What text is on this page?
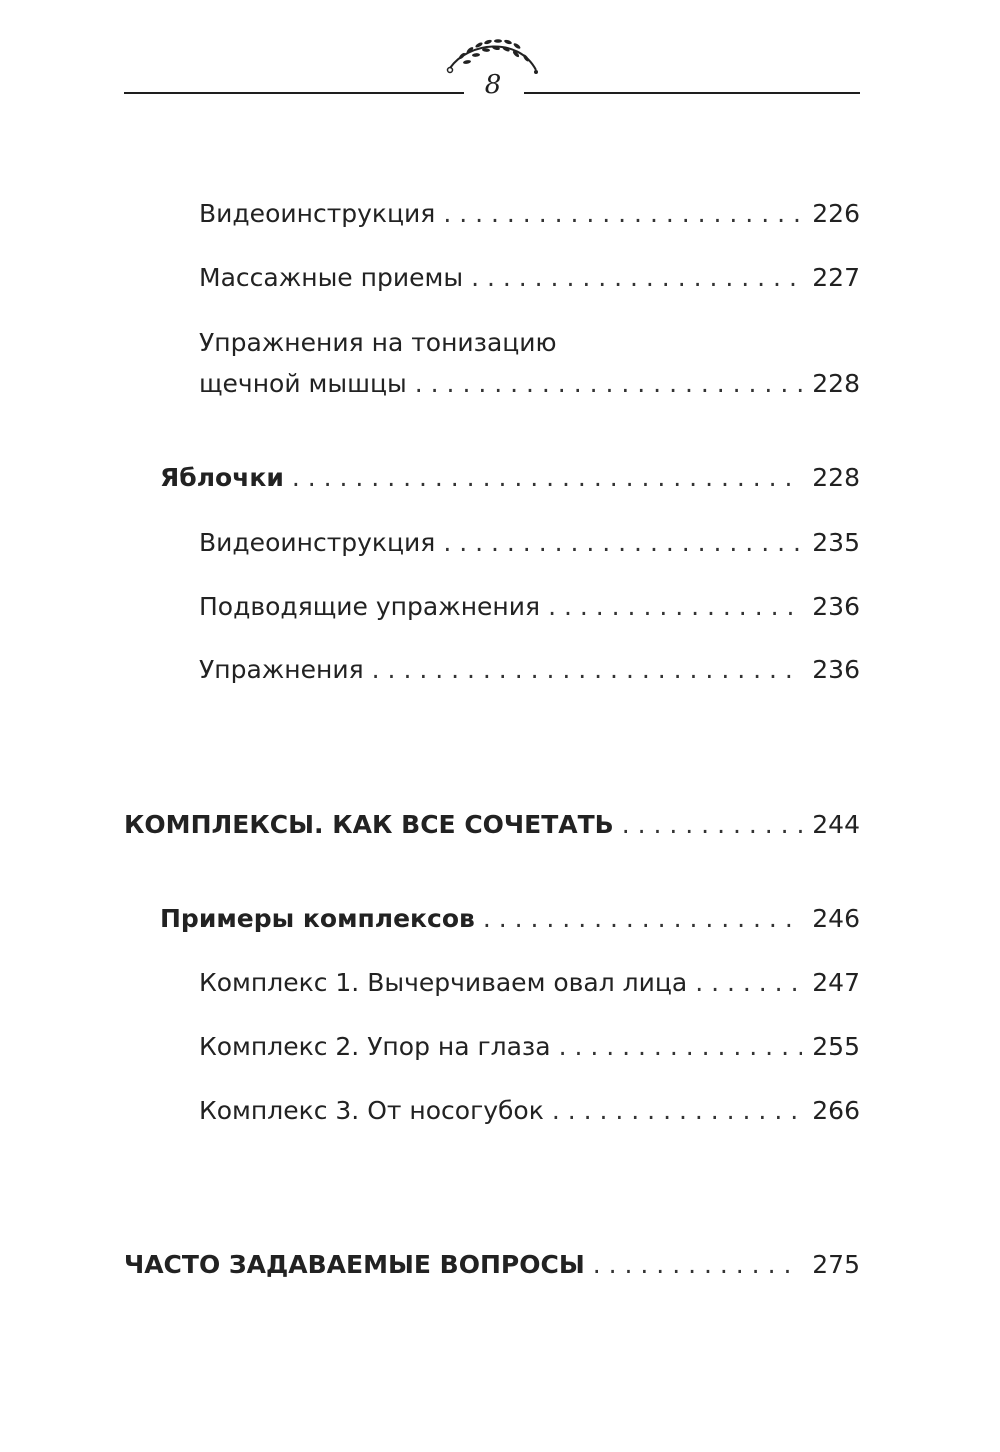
8
Видеоинструкция . . .	226
Массажные приемы . . .	227
Упражнения на тонизацию
щечной мышцы . . .	228
Яблочки . . .	228
Видеоинструкция . . .	235
Подводящие упражнения . . .	236
Упражнения . . .	236
КОМПЛЕКСЫ. КАК ВСЕ СОЧЕТАТЬ . . .	244
Примеры комплексов . . .	246
Комплекс 1. Вычерчиваем овал лица . . .	247
Комплекс 2. Упор на глаза . . .	255
Комплекс 3. От носогубок . . .	266
ЧАСТО ЗАДАВАЕМЫЕ ВОПРОСЫ . . .	275
